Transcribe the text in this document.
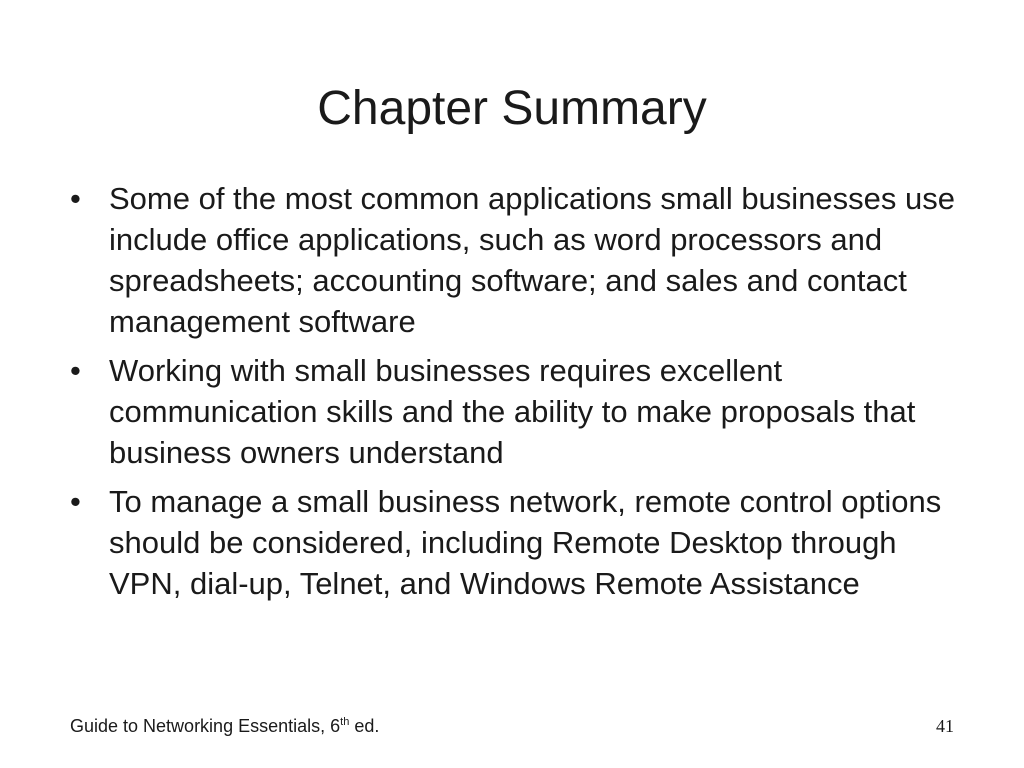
Chapter Summary
• Some of the most common applications small businesses use include office applications, such as word processors and spreadsheets; accounting software; and sales and contact management software
• Working with small businesses requires excellent communication skills and the ability to make proposals that business owners understand
• To manage a small business network, remote control options should be considered, including Remote Desktop through VPN, dial-up, Telnet, and Windows Remote Assistance
Guide to Networking Essentials, 6th ed.	41
